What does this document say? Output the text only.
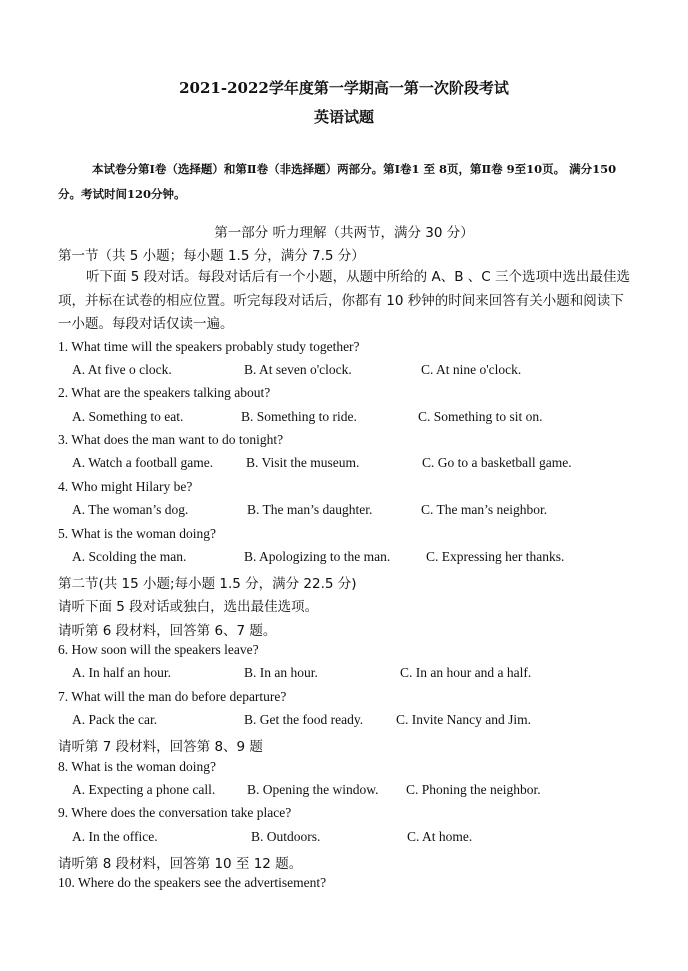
2021-2022学年度第一学期高一第一次阶段考试
英语试题
本试卷分第Ⅰ卷（选择题）和第Ⅱ卷（非选择题）两部分。第Ⅰ卷1 至 8页，第Ⅱ卷 9至10页。 满分150分。考试时间120分钟。
第一部分 听力理解（共两节，满分 30 分）
第一节（共 5 小题；每小题 1.5 分，满分 7.5 分）
听下面 5 段对话。每段对话后有一个小题，从题中所给的 A、B 、C 三个选项中选出最佳选项，并标在试卷的相应位置。听完每段对话后，你都有 10 秒钟的时间来回答有关小题和阅读下一小题。每段对话仅读一遍。
1. What time will the speakers probably study together?
A. At five o clock.	B. At seven o'clock.	C. At nine o'clock.
2. What are the speakers talking about?
A. Something to eat.	B. Something to ride.	C. Something to sit on.
3. What does the man want to do tonight?
A. Watch a football game. B. Visit the museum.	C. Go to a basketball game.
4. Who might Hilary be?
A. The woman’s dog.	B. The man’s daughter.	C. The man’s neighbor.
5. What is the woman doing?
A. Scolding the man.	B. Apologizing to the man.	C. Expressing her thanks.
第二节(共 15 小题;每小题 1.5 分，满分 22.5 分)
请听下面 5 段对话或独白，选出最佳选项。
请听第 6 段材料，回答第 6、7 题。
6. How soon will the speakers leave?
A. In half an hour.	B. In an hour.	C. In an hour and a half.
7. What will the man do before departure?
A. Pack the car.	B. Get the food ready. C. Invite Nancy and Jim.
请听第 7 段材料，回答第 8、9 题
8. What is the woman doing?
A. Expecting a phone call. B. Opening the window. C. Phoning the neighbor.
9. Where does the conversation take place?
A. In the office.	B. Outdoors.	C. At home.
请听第 8 段材料，回答第 10 至 12 题。
10. Where do the speakers see the advertisement?
